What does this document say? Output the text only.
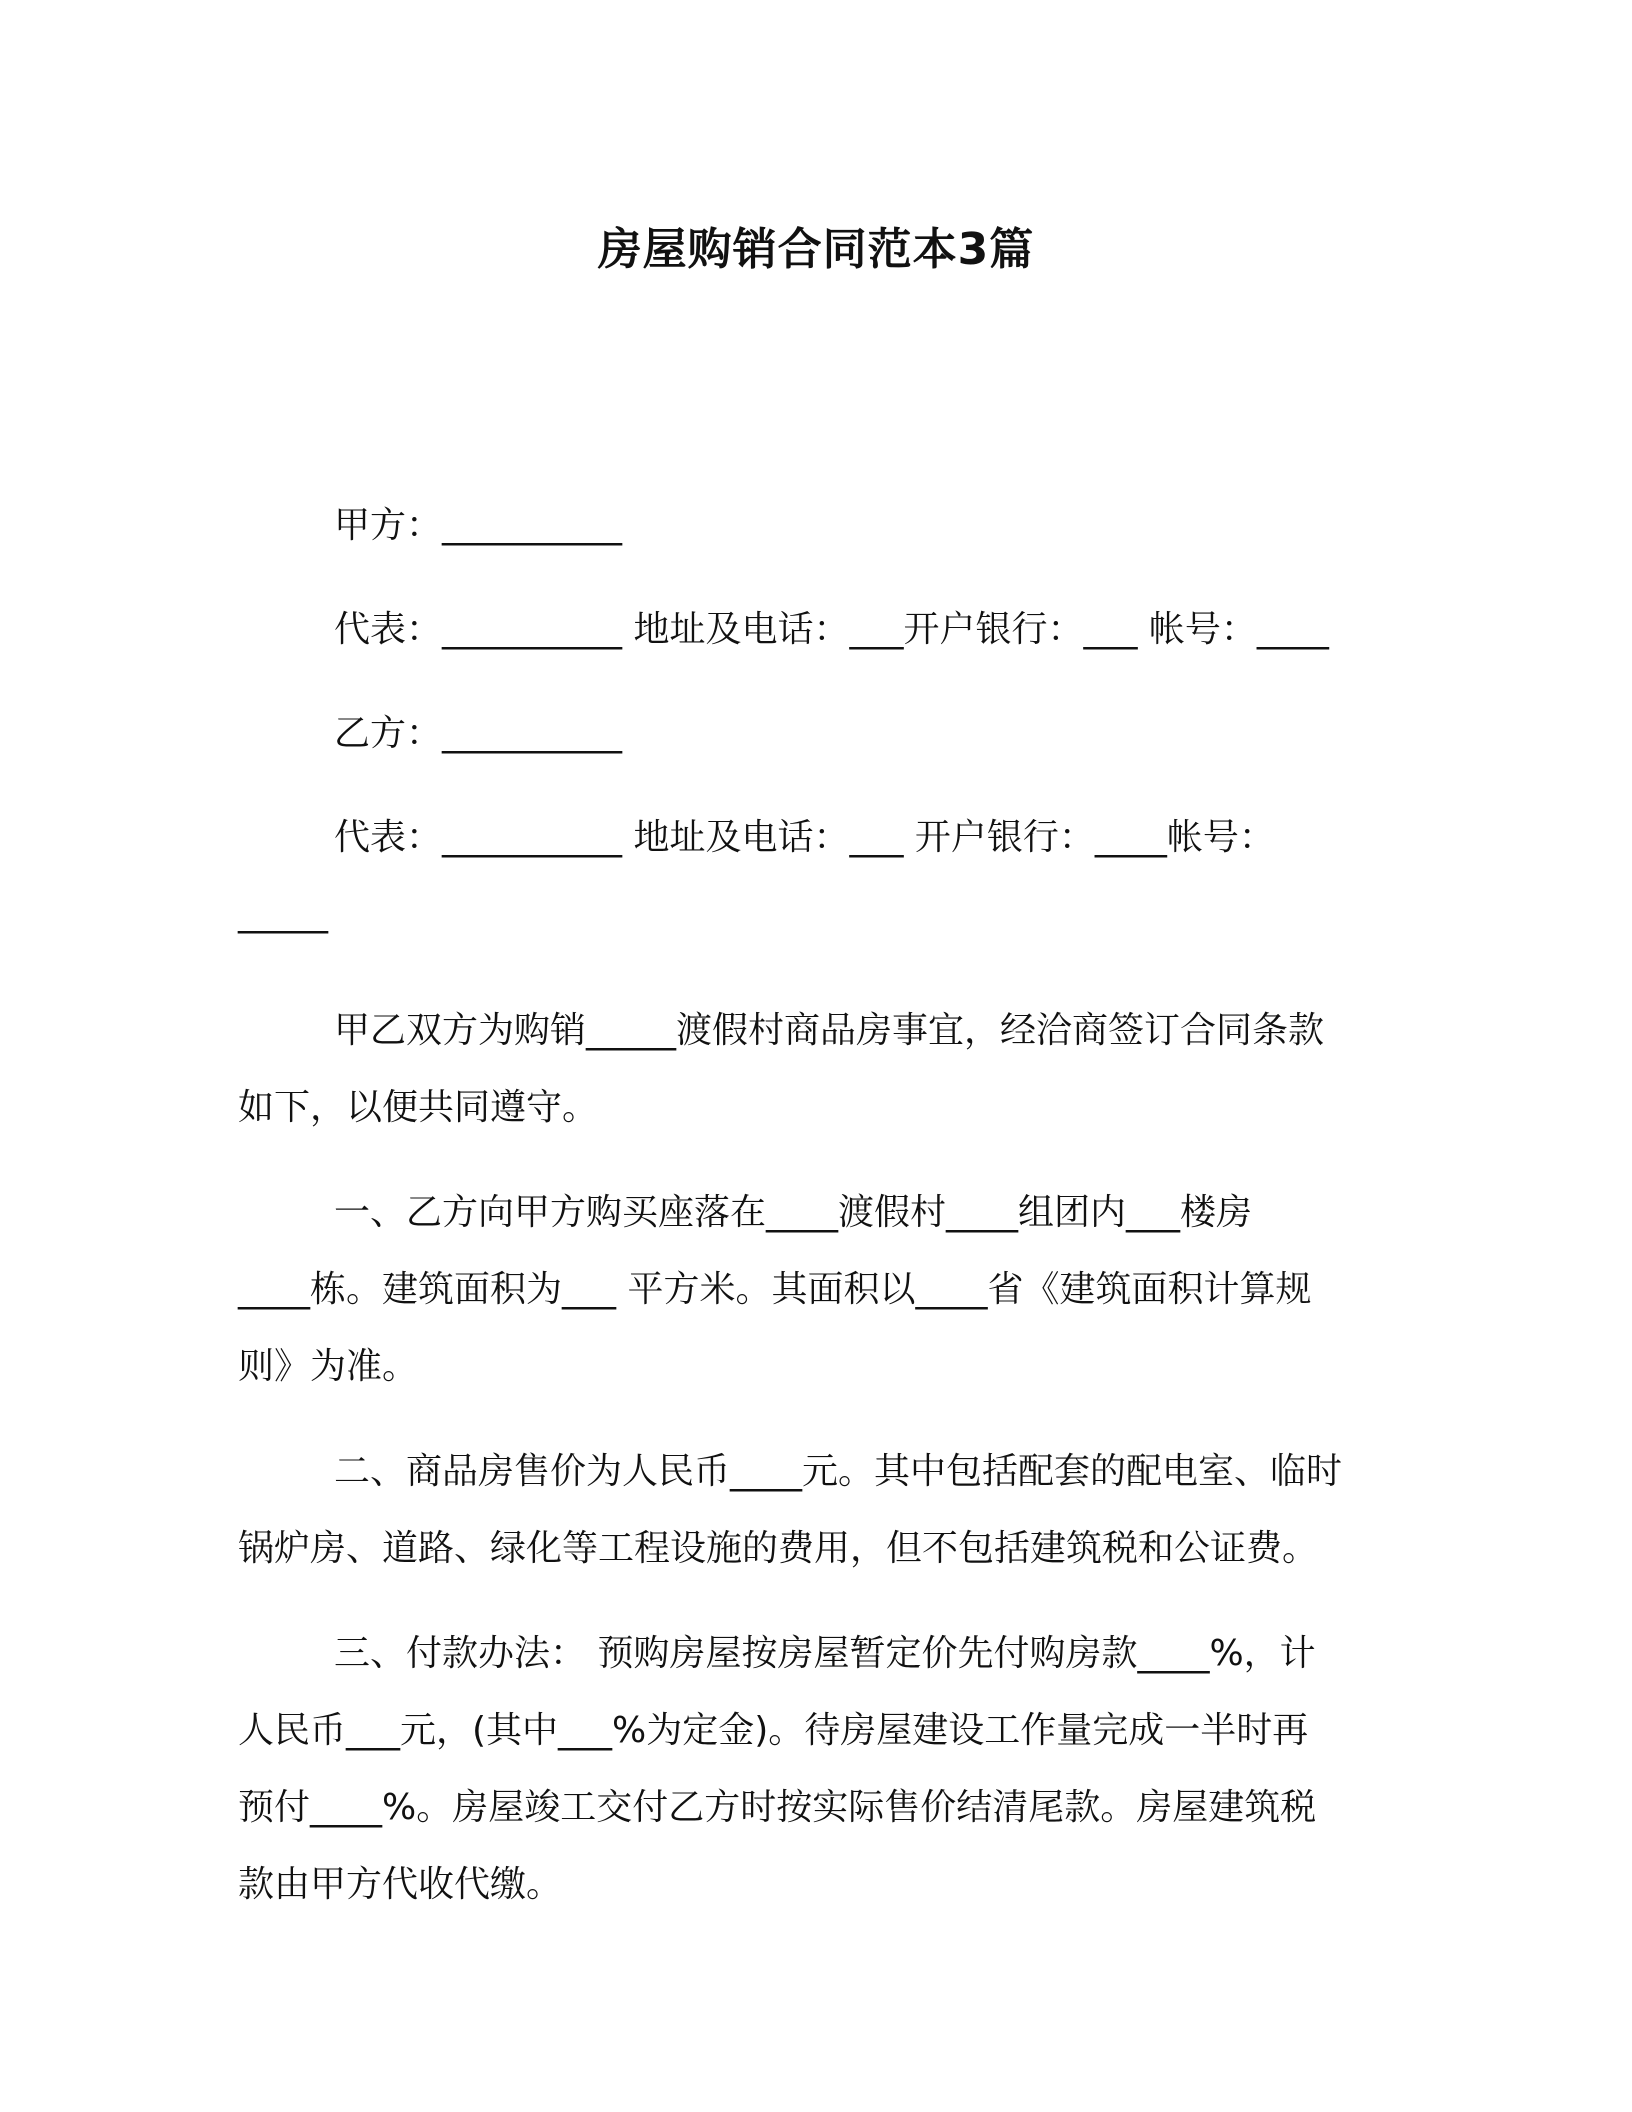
房屋购销合同范本3篇
甲方：__________
代表：__________ 地址及电话：___开户银行：___ 帐号：____
乙方：__________
代表：__________ 地址及电话：___ 开户银行：____帐号：
_____
甲乙双方为购销_____渡假村商品房事宜，经洽商签订合同条款
如下，以便共同遵守。
一、乙方向甲方购买座落在____渡假村____组团内___楼房
____栋。建筑面积为___ 平方米。其面积以____省《建筑面积计算规
则》为准。
二、商品房售价为人民币____元。其中包括配套的配电室、临时
锅炉房、道路、绿化等工程设施的费用，但不包括建筑税和公证费。
三、付款办法： 预购房屋按房屋暂定价先付购房款____%，计
人民币___元，(其中___%为定金)。待房屋建设工作量完成一半时再
预付____%。房屋竣工交付乙方时按实际售价结清尾款。房屋建筑税
款由甲方代收代缴。
